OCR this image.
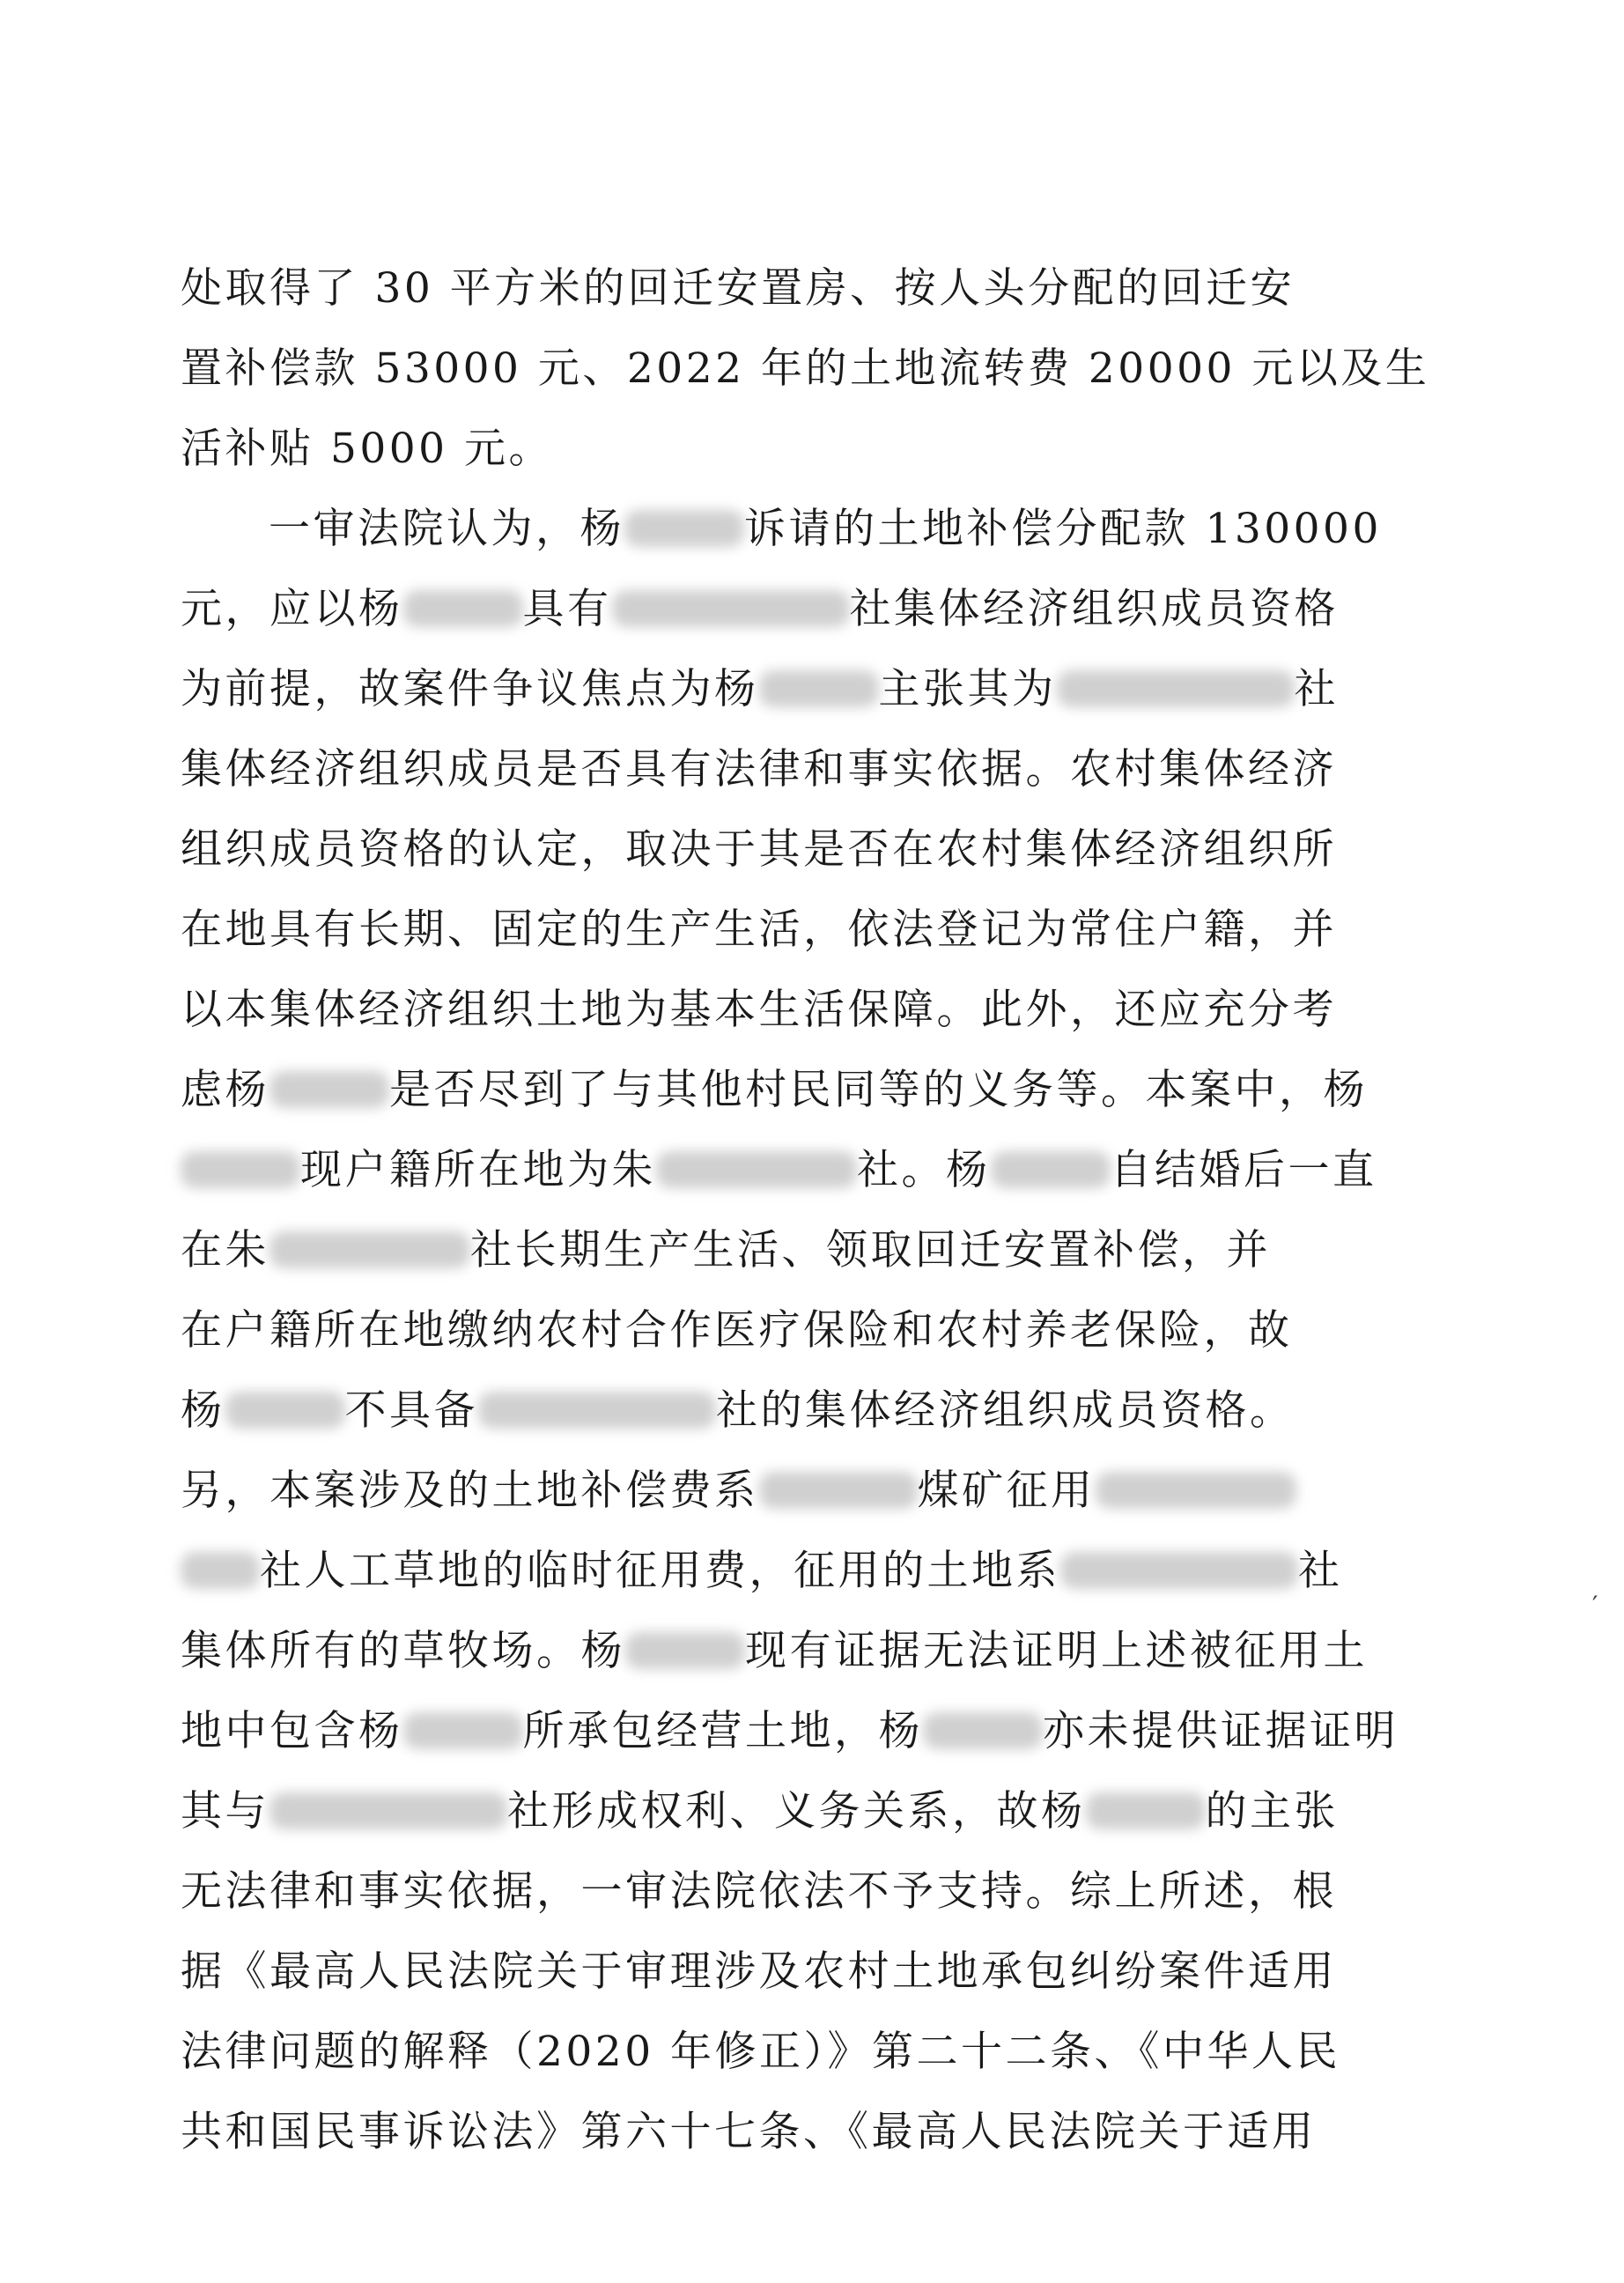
处取得了 30 平方米的回迁安置房、按人头分配的回迁安
置补偿款 53000 元、2022 年的土地流转费 20000 元以及生
活补贴 5000 元。
一审法院认为，杨	诉请的土地补偿分配款 130000
元，应以杨	具有	社集体经济组织成员资格
为前提，故案件争议焦点为杨	主张其为	社
集体经济组织成员是否具有法律和事实依据。农村集体经济
组织成员资格的认定，取决于其是否在农村集体经济组织所
在地具有长期、固定的生产生活，依法登记为常住户籍，并
以本集体经济组织土地为基本生活保障。此外，还应充分考
虑杨	是否尽到了与其他村民同等的义务等。本案中，杨
现户籍所在地为朱	社。杨	自结婚后一直
在朱	社长期生产生活、领取回迁安置补偿，并
在户籍所在地缴纳农村合作医疗保险和农村养老保险，故
杨	不具备	社的集体经济组织成员资格。
另，本案涉及的土地补偿费系	煤矿征用
社人工草地的临时征用费，征用的土地系	社
集体所有的草牧场。杨	现有证据无法证明上述被征用土
地中包含杨	所承包经营土地，杨	亦未提供证据证明
其与	社形成权利、义务关系，故杨	的主张
无法律和事实依据，一审法院依法不予支持。综上所述，根
据《最高人民法院关于审理涉及农村土地承包纠纷案件适用
法律问题的解释（2020 年修正）》第二十二条、《中华人民
共和国民事诉讼法》第六十七条、《最高人民法院关于适用
′
